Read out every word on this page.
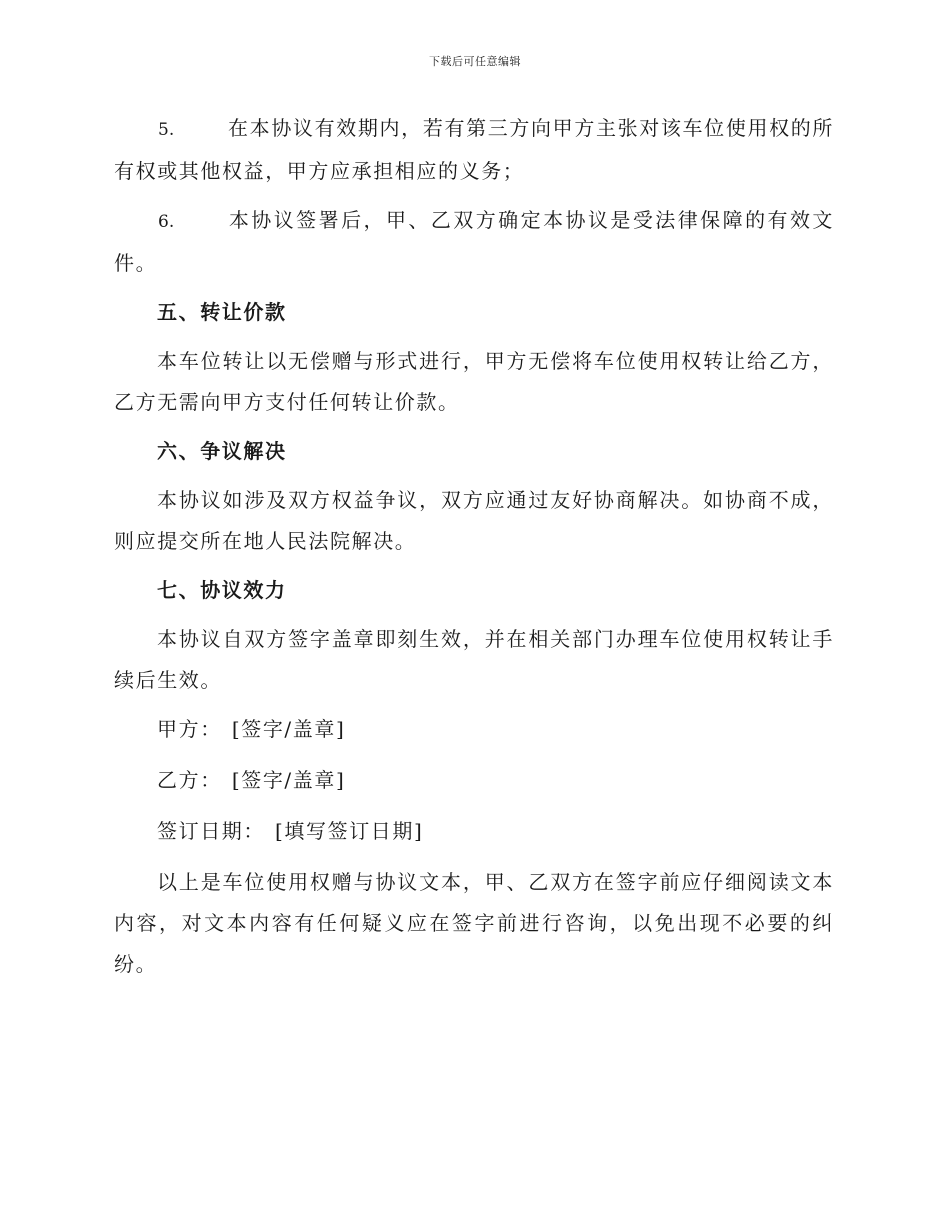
下载后可任意编辑

5.	在本协议有效期内，若有第三方向甲方主张对该车位使用权的所有权或其他权益，甲方应承担相应的义务；

6.	本协议签署后，甲、乙双方确定本协议是受法律保障的有效文件。

五、转让价款

本车位转让以无偿赠与形式进行，甲方无偿将车位使用权转让给乙方，乙方无需向甲方支付任何转让价款。

六、争议解决

本协议如涉及双方权益争议，双方应通过友好协商解决。如协商不成，则应提交所在地人民法院解决。

七、协议效力

本协议自双方签字盖章即刻生效，并在相关部门办理车位使用权转让手续后生效。

甲方： [签字/盖章]
乙方： [签字/盖章]
签订日期： [填写签订日期]

以上是车位使用权赠与协议文本，甲、乙双方在签字前应仔细阅读文本内容，对文本内容有任何疑义应在签字前进行咨询，以免出现不必要的纠纷。
